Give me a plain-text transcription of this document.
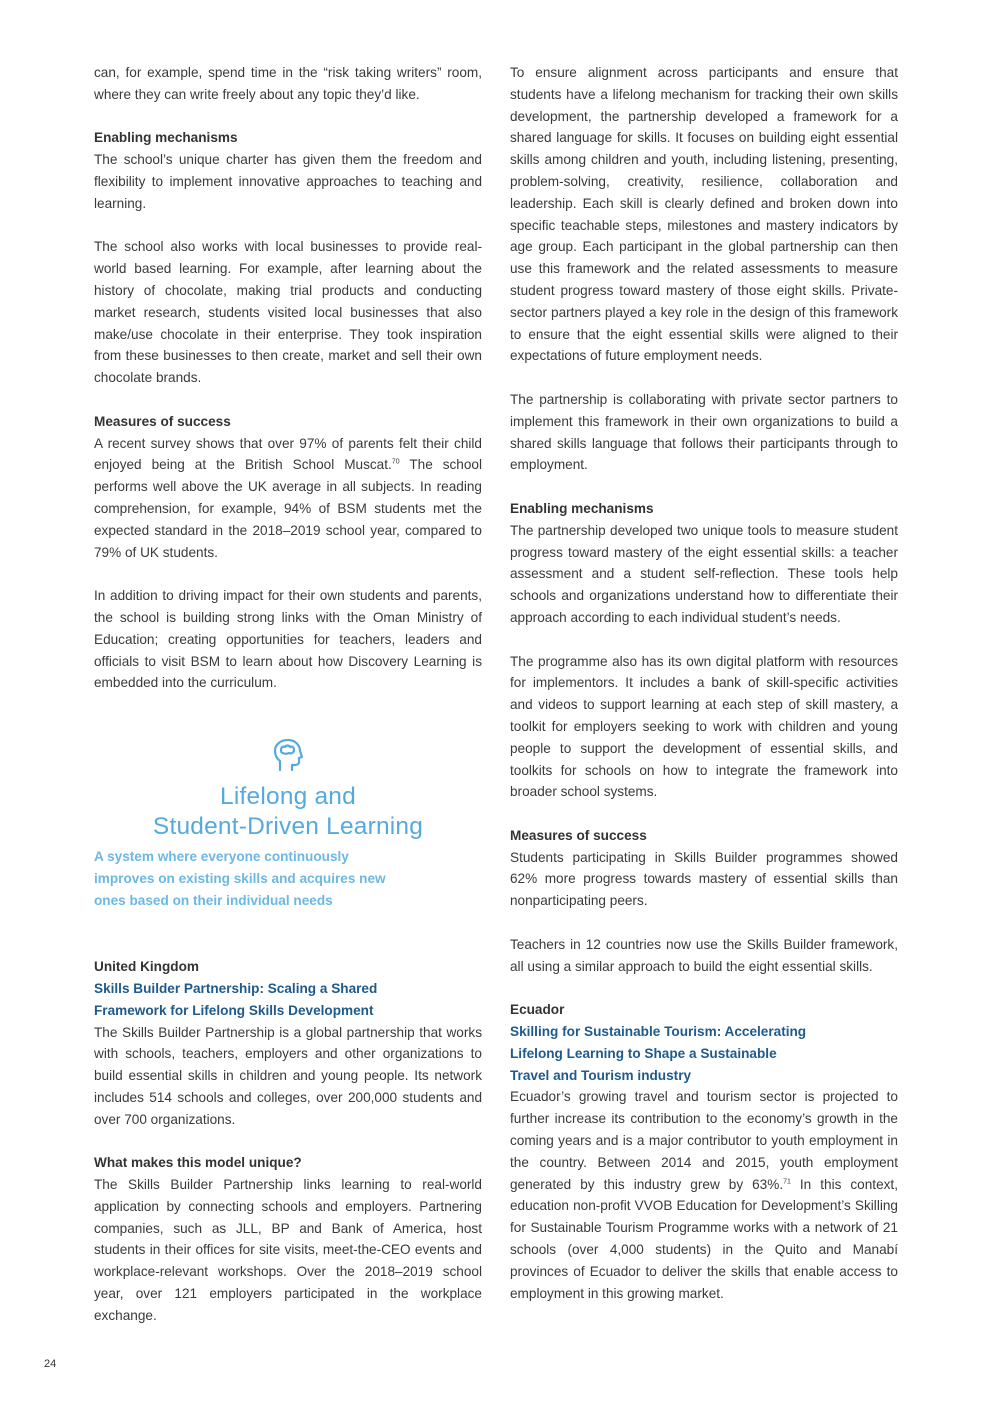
can, for example, spend time in the “risk taking writers” room, where they can write freely about any topic they’d like.

Enabling mechanisms

The school’s unique charter has given them the freedom and flexibility to implement innovative approaches to teaching and learning.

The school also works with local businesses to provide real-world based learning. For example, after learning about the history of chocolate, making trial products and conducting market research, students visited local businesses that also make/use chocolate in their enterprise. They took inspiration from these businesses to then create, market and sell their own chocolate brands.

Measures of success

A recent survey shows that over 97% of parents felt their child enjoyed being at the British School Muscat.$^{70}$ The school performs well above the UK average in all subjects. In reading comprehension, for example, 94% of BSM students met the expected standard in the 2018–2019 school year, compared to 79% of UK students.

In addition to driving impact for their own students and parents, the school is building strong links with the Oman Ministry of Education; creating opportunities for teachers, leaders and officials to visit BSM to learn about how Discovery Learning is embedded into the curriculum.

Lifelong and
Student-Driven Learning

A system where everyone continuously
improves on existing skills and acquires new
ones based on their individual needs

United Kingdom

Skills Builder Partnership: Scaling a Shared
Framework for Lifelong Skills Development

The Skills Builder Partnership is a global partnership that works with schools, teachers, employers and other organizations to build essential skills in children and young people. Its network includes 514 schools and colleges, over 200,000 students and over 700 organizations.

What makes this model unique?

The Skills Builder Partnership links learning to real-world application by connecting schools and employers. Partnering companies, such as JLL, BP and Bank of America, host students in their offices for site visits, meet-the-CEO events and workplace-relevant workshops. Over the 2018–2019 school year, over 121 employers participated in the workplace exchange.

To ensure alignment across participants and ensure that students have a lifelong mechanism for tracking their own skills development, the partnership developed a framework for a shared language for skills. It focuses on building eight essential skills among children and youth, including listening, presenting, problem-solving, creativity, resilience, collaboration and leadership. Each skill is clearly defined and broken down into specific teachable steps, milestones and mastery indicators by age group. Each participant in the global partnership can then use this framework and the related assessments to measure student progress toward mastery of those eight skills. Private-sector partners played a key role in the design of this framework to ensure that the eight essential skills were aligned to their expectations of future employment needs.

The partnership is collaborating with private sector partners to implement this framework in their own organizations to build a shared skills language that follows their participants through to employment.

Enabling mechanisms

The partnership developed two unique tools to measure student progress toward mastery of the eight essential skills: a teacher assessment and a student self-reflection. These tools help schools and organizations understand how to differentiate their approach according to each individual student’s needs.

The programme also has its own digital platform with resources for implementors. It includes a bank of skill-specific activities and videos to support learning at each step of skill mastery, a toolkit for employers seeking to work with children and young people to support the development of essential skills, and toolkits for schools on how to integrate the framework into broader school systems.

Measures of success

Students participating in Skills Builder programmes showed 62% more progress towards mastery of essential skills than nonparticipating peers.

Teachers in 12 countries now use the Skills Builder framework, all using a similar approach to build the eight essential skills.

Ecuador

Skilling for Sustainable Tourism: Accelerating
Lifelong Learning to Shape a Sustainable
Travel and Tourism industry

Ecuador’s growing travel and tourism sector is projected to further increase its contribution to the economy’s growth in the coming years and is a major contributor to youth employment in the country. Between 2014 and 2015, youth employment generated by this industry grew by 63%.$^{71}$ In this context, education non-profit VVOB Education for Development’s Skilling for Sustainable Tourism Programme works with a network of 21 schools (over 4,000 students) in the Quito and Manabí provinces of Ecuador to deliver the skills that enable access to employment in this growing market.

24
